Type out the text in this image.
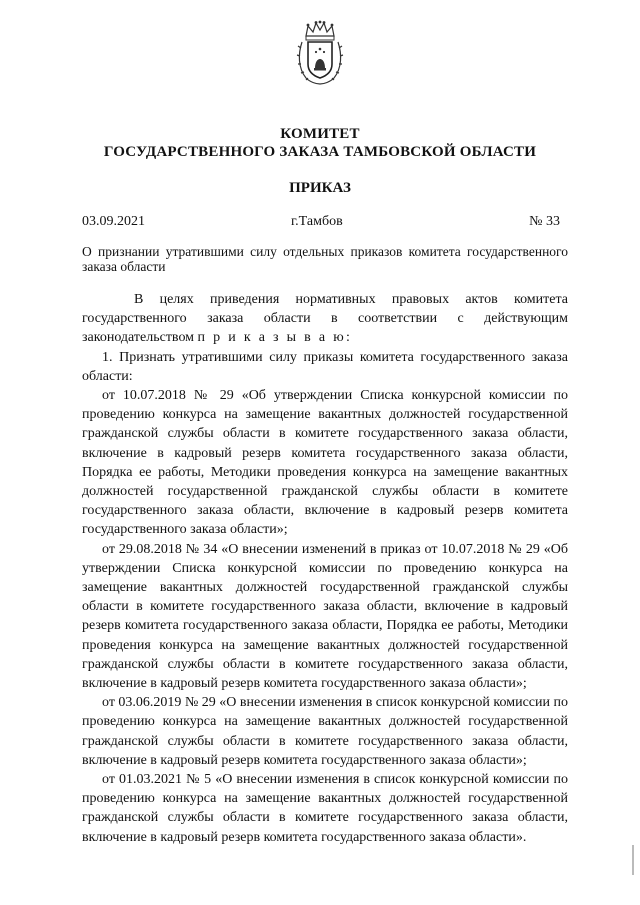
КОМИТЕТ
ГОСУДАРСТВЕННОГО ЗАКАЗА ТАМБОВСКОЙ ОБЛАСТИ
ПРИКАЗ
03.09.2021	г.Тамбов	№ 33
О признании утратившими силу отдельных приказов комитета государственного заказа области

В целях приведения нормативных правовых актов комитета государственного заказа области в соответствии с действующим законодательством п р и к а з ы в а ю:

1. Признать утратившими силу приказы комитета государственного заказа области:

от 10.07.2018 № 29 «Об утверждении Списка конкурсной комиссии по проведению конкурса на замещение вакантных должностей государственной гражданской службы области в комитете государственного заказа области, включение в кадровый резерв комитета государственного заказа области, Порядка ее работы, Методики проведения конкурса на замещение вакантных должностей государственной гражданской службы области в комитете государственного заказа области, включение в кадровый резерв комитета государственного заказа области»;

от 29.08.2018 № 34 «О внесении изменений в приказ от 10.07.2018 № 29 «Об утверждении Списка конкурсной комиссии по проведению конкурса на замещение вакантных должностей государственной гражданской службы области в комитете государственного заказа области, включение в кадровый резерв комитета государственного заказа области, Порядка ее работы, Методики проведения конкурса на замещение вакантных должностей государственной гражданской службы области в комитете государственного заказа области, включение в кадровый резерв комитета государственного заказа области»;

от 03.06.2019 № 29 «О внесении изменения в список конкурсной комиссии по проведению конкурса на замещение вакантных должностей государственной гражданской службы области в комитете государственного заказа области, включение в кадровый резерв комитета государственного заказа области»;

от 01.03.2021 № 5 «О внесении изменения в список конкурсной комиссии по проведению конкурса на замещение вакантных должностей государственной гражданской службы области в комитете государственного заказа области, включение в кадровый резерв комитета государственного заказа области».
